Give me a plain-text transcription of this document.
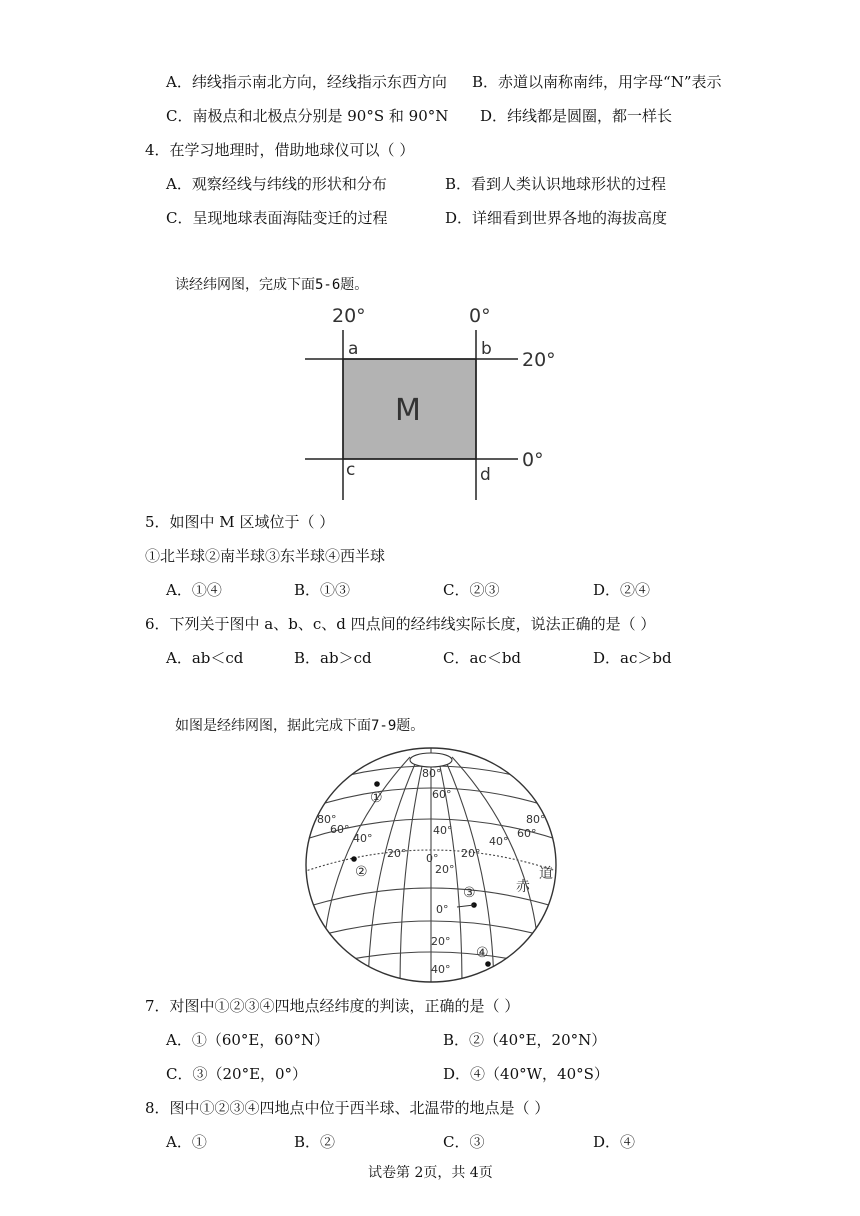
A．纬线指示南北方向，经线指示东西方向 B．赤道以南称南纬，用字母“N”表示
C．南极点和北极点分别是 90°S 和 90°N D．纬线都是圆圈，都一样长
4．在学习地理时，借助地球仪可以（ ）
A．观察经线与纬线的形状和分布	B．看到人类认识地球形状的过程
C．呈现地球表面海陆变迁的过程	D．详细看到世界各地的海拔高度
读经纬网图，完成下面5-6题。
20°	0°
20°
0°
a	b
c	d
M
5．如图中 M 区域位于（ ）
①北半球②南半球③东半球④西半球
A．①④	B．①③	C．②③	D．②④
6．下列关于图中 a、b、c、d 四点间的经纬线实际长度，说法正确的是（ ）
A．ab＜cd	B．ab＞cd	C．ac＜bd	D．ac＞bd
如图是经纬网图，据此完成下面7-9题。
80°
60°
80°
60°
40°
20°
40°
0° 20°
40°
60°
80°
20°
0°
20°
40°
①
②
③
④
赤
道
7．对图中①②③④四地点经纬度的判读，正确的是（ ）
A．①（60°E，60°N）	B．②（40°E，20°N）
C．③（20°E，0°）	D．④（40°W，40°S）
8．图中①②③④四地点中位于西半球、北温带的地点是（ ）
A．①	B．②	C．③	D．④
试卷第 2页，共 4页
